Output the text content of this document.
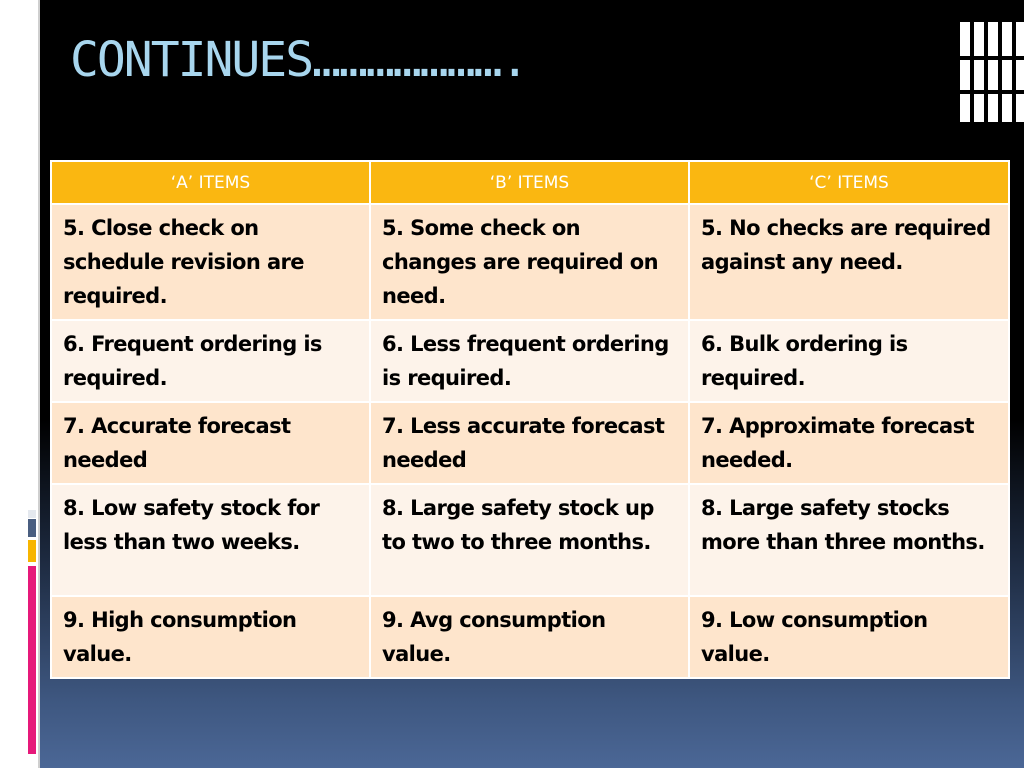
CONTINUES………………….
‘A’ ITEMS	‘B’ ITEMS	‘C’ ITEMS
5. Close check on schedule revision are required.	5. Some check on changes are required on need.	5. No checks are required against any need.
6. Frequent ordering is required.	6. Less frequent ordering is required.	6. Bulk ordering is required.
7. Accurate forecast needed	7. Less accurate forecast needed	7. Approximate forecast needed.
8. Low safety stock for less than two weeks.	8. Large safety stock up to two to three months.	8. Large safety stocks more than three months.
9. High consumption value.	9. Avg consumption value.	9. Low consumption value.
